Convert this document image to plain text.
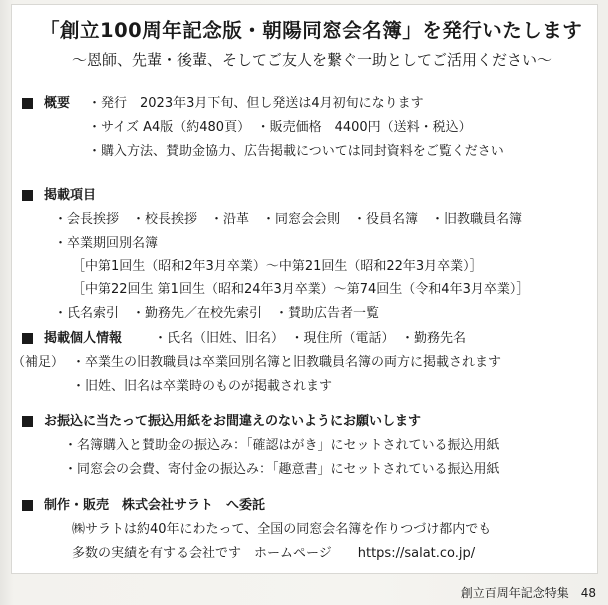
「創立100周年記念版・朝陽同窓会名簿」を発行いたします
〜恩師、先輩・後輩、そしてご友人を繋ぐ一助としてご活用ください〜
概要 ・発行　2023年3月下旬、但し発送は4月初旬になります
・サイズ A4版（約480頁）　・販売価格　4400円（送料・税込）
・購入方法、賛助金協力、広告掲載については同封資料をご覧ください
掲載項目
・会長挨拶　・校長挨拶　・沿革　・同窓会会則　・役員名簿　・旧教職員名簿
・卒業期回別名簿
［中第1回生（昭和2年3月卒業）〜中第21回生（昭和22年3月卒業）］
［中第22回生 第1回生（昭和24年3月卒業）〜第74回生（令和4年3月卒業）］
・氏名索引　・勤務先／在校先索引　・賛助広告者一覧
掲載個人情報 ・氏名（旧姓、旧名）　・現住所（電話）　・勤務先名
（補足） ・卒業生の旧教職員は卒業回別名簿と旧教職員名簿の両方に掲載されます
・旧姓、旧名は卒業時のものが掲載されます
お振込に当たって振込用紙をお間違えのないようにお願いします
・名簿購入と賛助金の振込み：「確認はがき」にセットされている振込用紙
・同窓会の会費、寄付金の振込み：「趣意書」にセットされている振込用紙
制作・販売　株式会社サラト　へ委託
㈱サラトは約40年にわたって、全国の同窓会名簿を作りつづけ都内でも
多数の実績を有する会社です　ホームページ　　https://salat.co.jp/
創立百周年記念特集　48
